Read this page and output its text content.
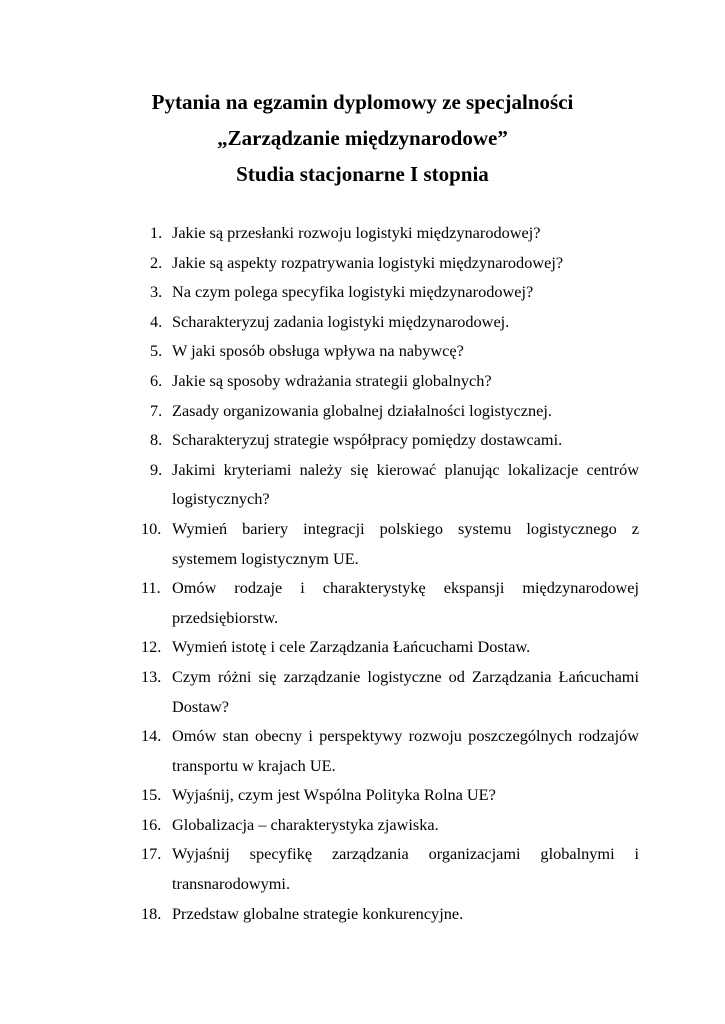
Pytania na egzamin dyplomowy ze specjalności
„Zarządzanie międzynarodowe”
Studia stacjonarne I stopnia
1. Jakie są przesłanki rozwoju logistyki międzynarodowej?
2. Jakie są aspekty rozpatrywania logistyki międzynarodowej?
3. Na czym polega specyfika logistyki międzynarodowej?
4. Scharakteryzuj zadania logistyki międzynarodowej.
5. W jaki sposób obsługa wpływa na nabywcę?
6. Jakie są sposoby wdrażania strategii globalnych?
7. Zasady organizowania globalnej działalności logistycznej.
8. Scharakteryzuj strategie współpracy pomiędzy dostawcami.
9. Jakimi kryteriami należy się kierować planując lokalizacje centrów logistycznych?
10. Wymień bariery integracji polskiego systemu logistycznego z systemem logistycznym UE.
11. Omów rodzaje i charakterystykę ekspansji międzynarodowej przedsiębiorstw.
12. Wymień istotę i cele Zarządzania Łańcuchami Dostaw.
13. Czym różni się zarządzanie logistyczne od Zarządzania Łańcuchami Dostaw?
14. Omów stan obecny i perspektywy rozwoju poszczególnych rodzajów transportu w krajach UE.
15. Wyjaśnij, czym jest Wspólna Polityka Rolna UE?
16. Globalizacja – charakterystyka zjawiska.
17. Wyjaśnij specyfikę zarządzania organizacjami globalnymi i transnarodowymi.
18. Przedstaw globalne strategie konkurencyjne.
